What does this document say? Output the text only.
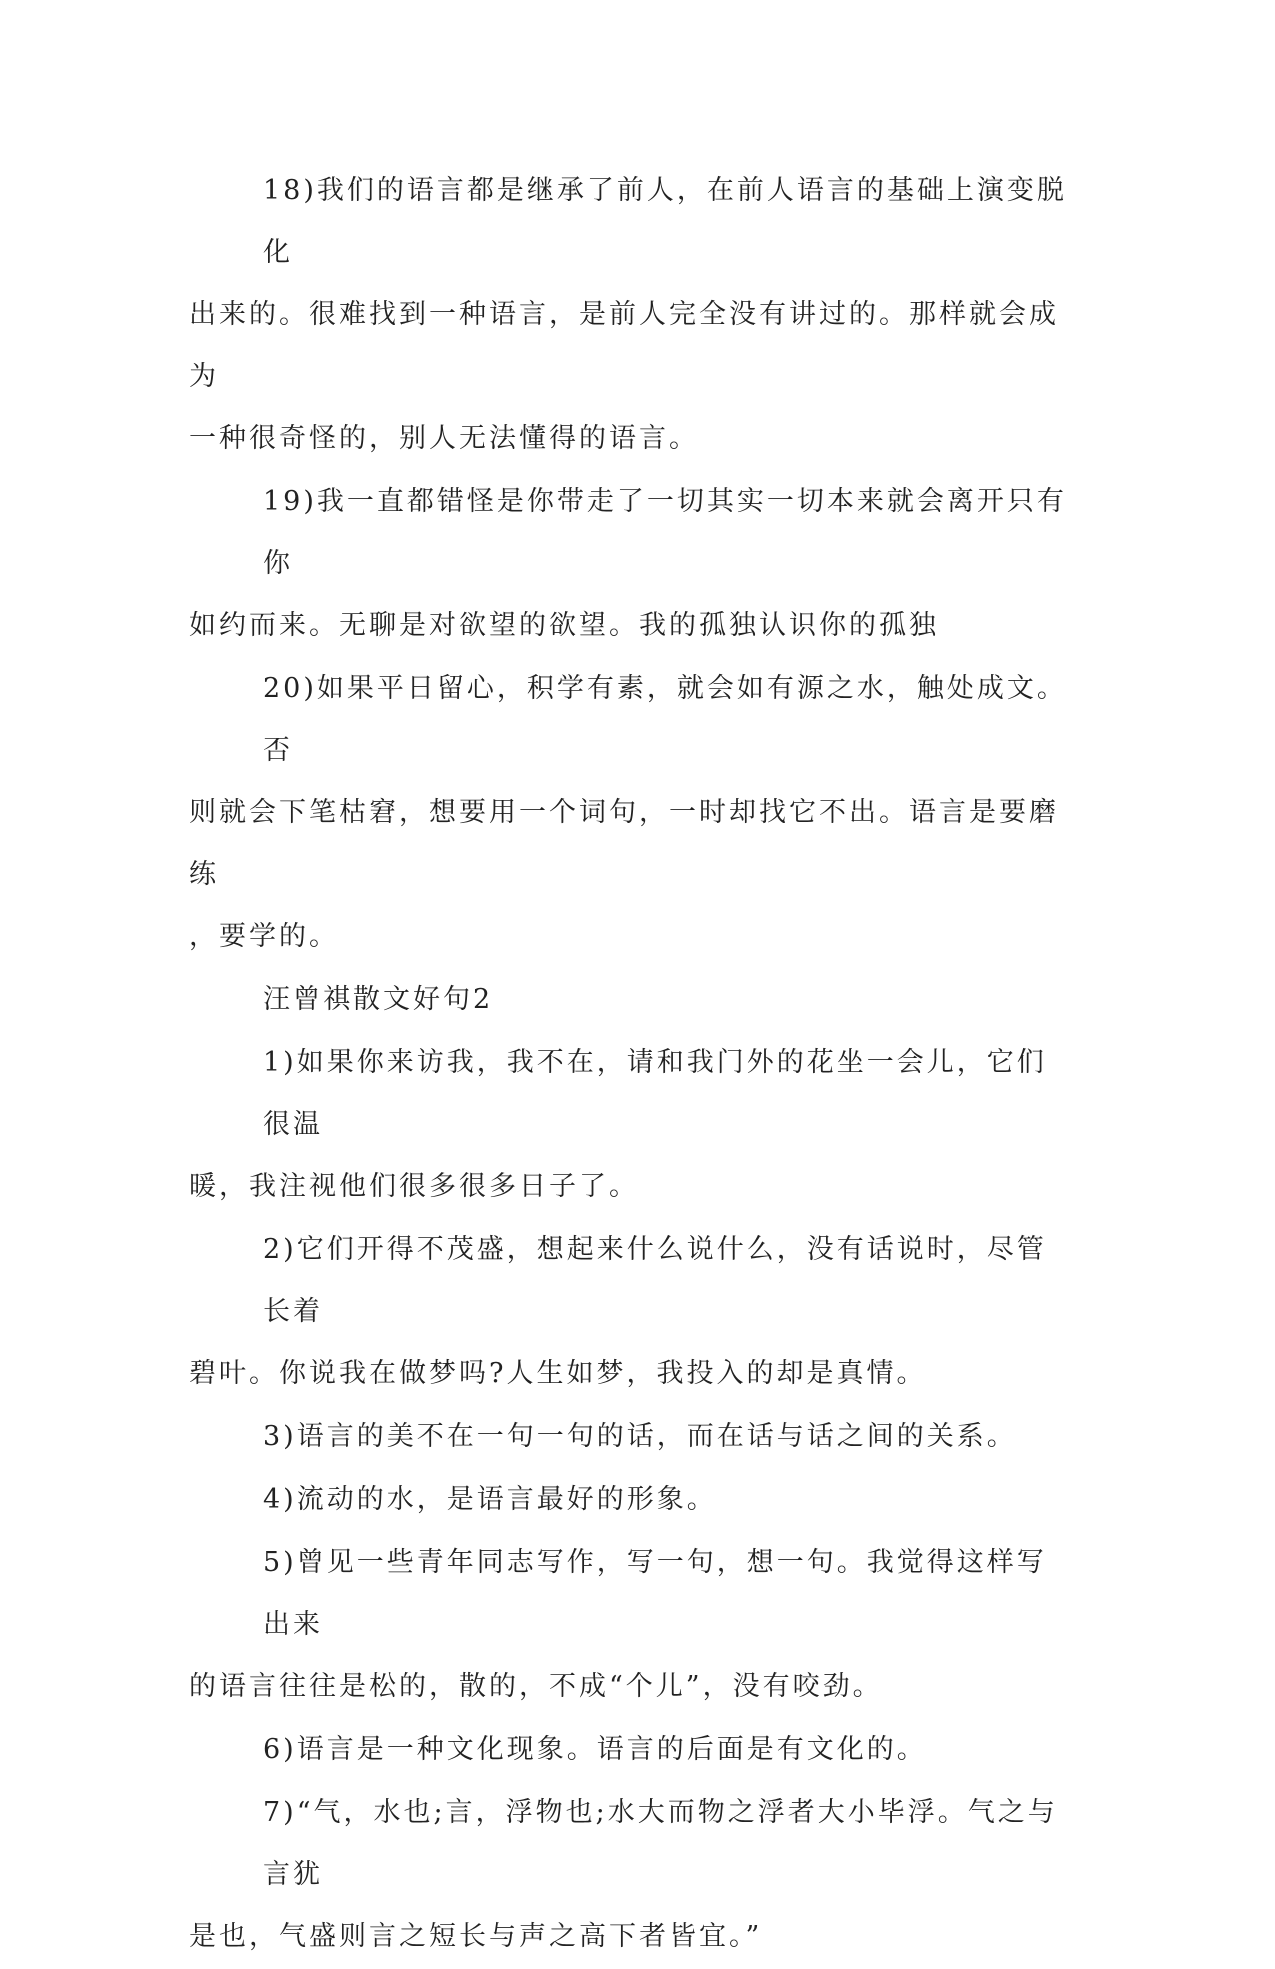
18)我们的语言都是继承了前人，在前人语言的基础上演变脱化
出来的。很难找到一种语言，是前人完全没有讲过的。那样就会成为
一种很奇怪的，别人无法懂得的语言。

19)我一直都错怪是你带走了一切其实一切本来就会离开只有你
如约而来。无聊是对欲望的欲望。我的孤独认识你的孤独

20)如果平日留心，积学有素，就会如有源之水，触处成文。否
则就会下笔枯窘，想要用一个词句，一时却找它不出。语言是要磨练
，要学的。

汪曾祺散文好句2

1)如果你来访我，我不在，请和我门外的花坐一会儿，它们很温
暖，我注视他们很多很多日子了。

2)它们开得不茂盛，想起来什么说什么，没有话说时，尽管长着
碧叶。你说我在做梦吗?人生如梦，我投入的却是真情。

3)语言的美不在一句一句的话，而在话与话之间的关系。

4)流动的水，是语言最好的形象。

5)曾见一些青年同志写作，写一句，想一句。我觉得这样写出来
的语言往往是松的，散的，不成“个儿”，没有咬劲。

6)语言是一种文化现象。语言的后面是有文化的。

7)“气，水也;言，浮物也;水大而物之浮者大小毕浮。气之与言犹
是也，气盛则言之短长与声之高下者皆宜。”
